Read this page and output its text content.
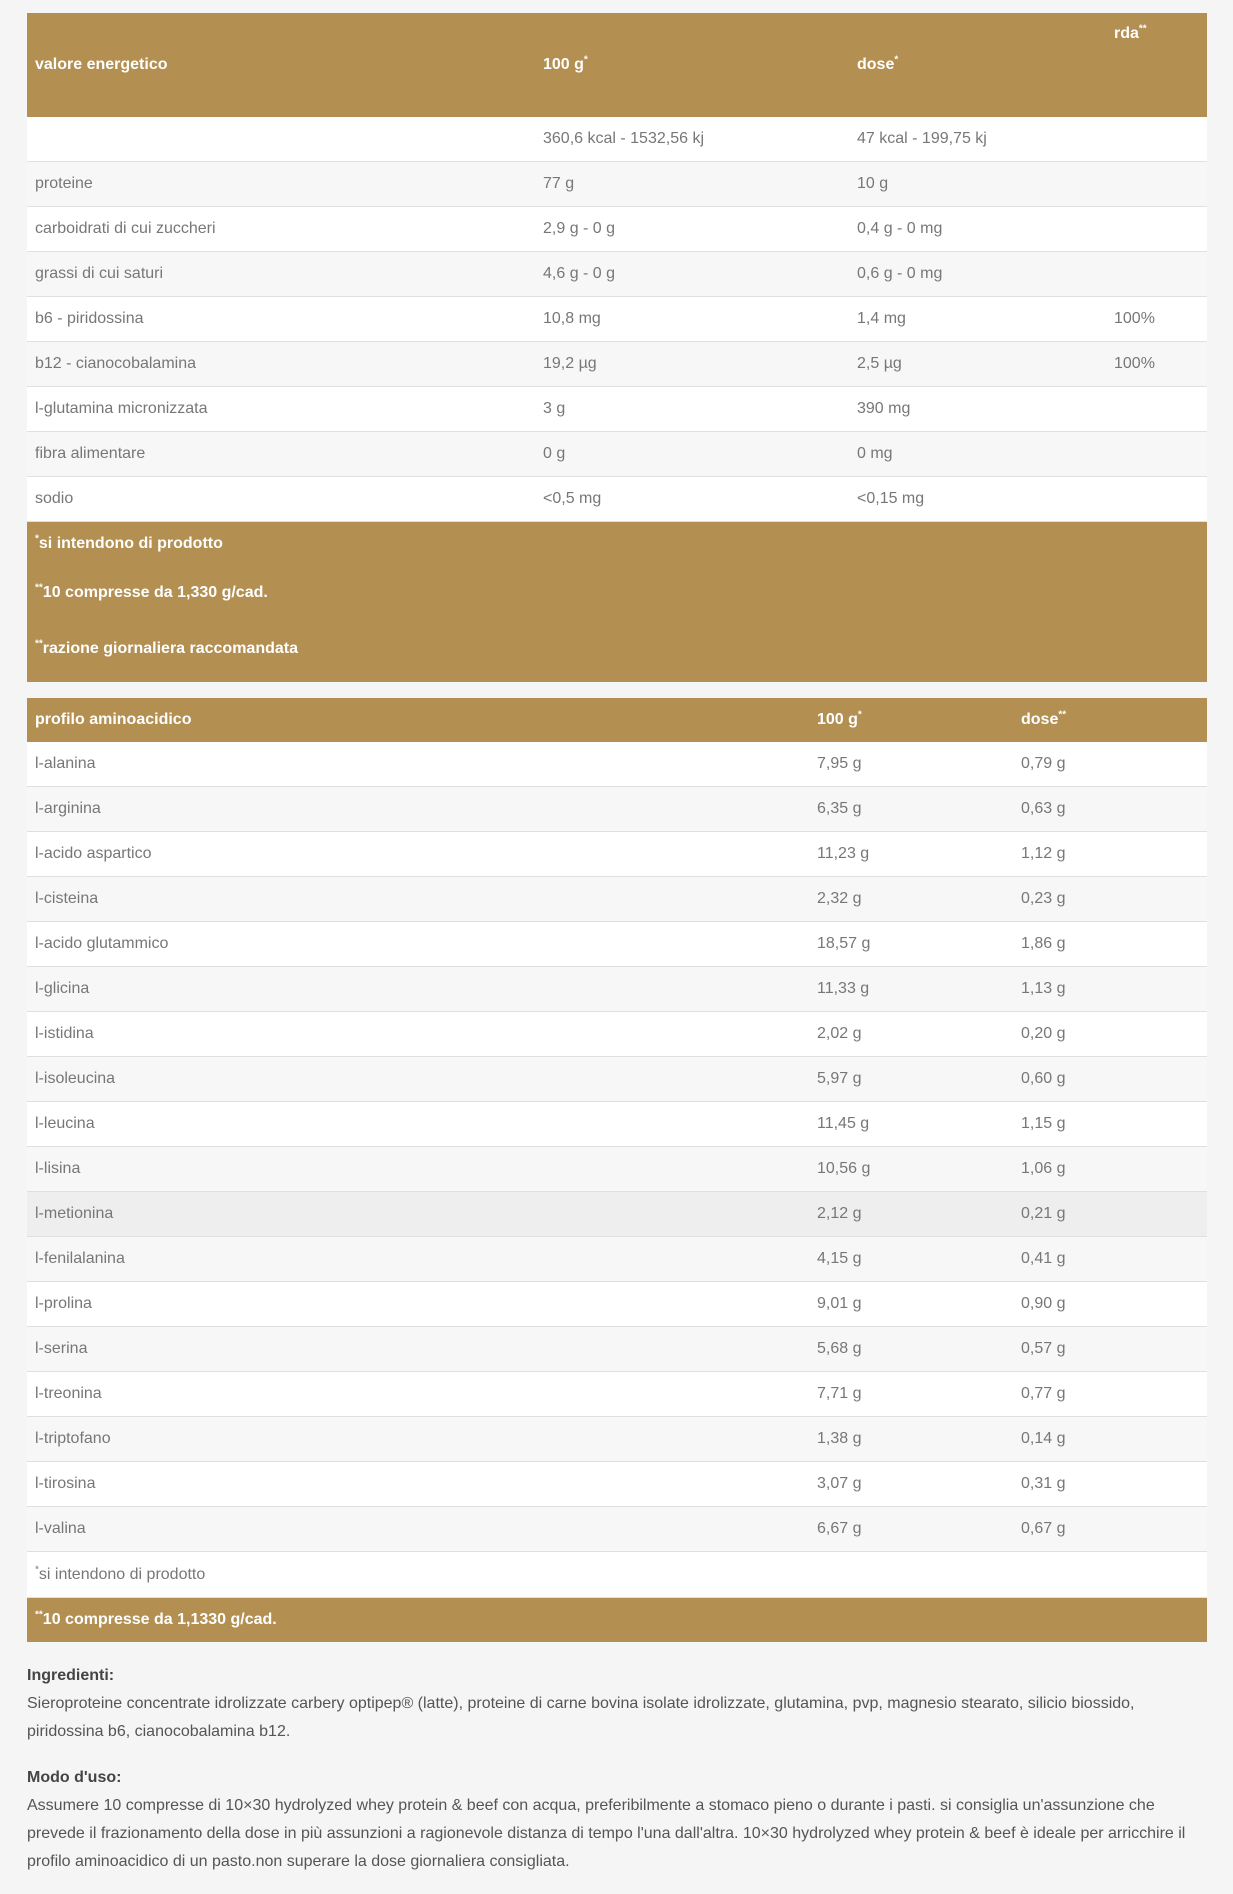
valore energetico	100 g*	dose*	rda**
	360,6 kcal - 1532,56 kj	47 kcal - 199,75 kj	
proteine	77 g	10 g	
carboidrati di cui zuccheri	2,9 g - 0 g	0,4 g - 0 mg	
grassi di cui saturi	4,6 g - 0 g	0,6 g - 0 mg	
b6 - piridossina	10,8 mg	1,4 mg	100%
b12 - cianocobalamina	19,2 µg	2,5 µg	100%
l-glutamina micronizzata	3 g	390 mg	
fibra alimentare	0 g	0 mg	
sodio	<0,5 mg	<0,15 mg	

*si intendono di prodotto
**10 compresse da 1,330 g/cad.
**razione giornaliera raccomandata			
profilo aminoacidico	100 g*	dose**
l-alanina	7,95 g	0,79 g
l-arginina	6,35 g	0,63 g
l-acido aspartico	11,23 g	1,12 g
l-cisteina	2,32 g	0,23 g
l-acido glutammico	18,57 g	1,86 g
l-glicina	11,33 g	1,13 g
l-istidina	2,02 g	0,20 g
l-isoleucina	5,97 g	0,60 g
l-leucina	11,45 g	1,15 g
l-lisina	10,56 g	1,06 g
l-metionina	2,12 g	0,21 g
l-fenilalanina	4,15 g	0,41 g
l-prolina	9,01 g	0,90 g
l-serina	5,68 g	0,57 g
l-treonina	7,71 g	0,77 g
l-triptofano	1,38 g	0,14 g
l-tirosina	3,07 g	0,31 g
l-valina	6,67 g	0,67 g
*si intendono di prodotto		
**10 compresse da 1,1330 g/cad.		

Ingredienti:
Sieroproteine concentrate idrolizzate carbery optipep® (latte), proteine di carne bovina isolate idrolizzate, glutamina, pvp, magnesio stearato, silicio biossido, piridossina b6, cianocobalamina b12.

Modo d'uso:
Assumere 10 compresse di 10×30 hydrolyzed whey protein & beef con acqua, preferibilmente a stomaco pieno o durante i pasti. si consiglia un'assunzione che prevede il frazionamento della dose in più assunzioni a ragionevole distanza di tempo l'una dall'altra. 10×30 hydrolyzed whey protein & beef è ideale per arricchire il profilo aminoacidico di un pasto.non superare la dose giornaliera consigliata.
